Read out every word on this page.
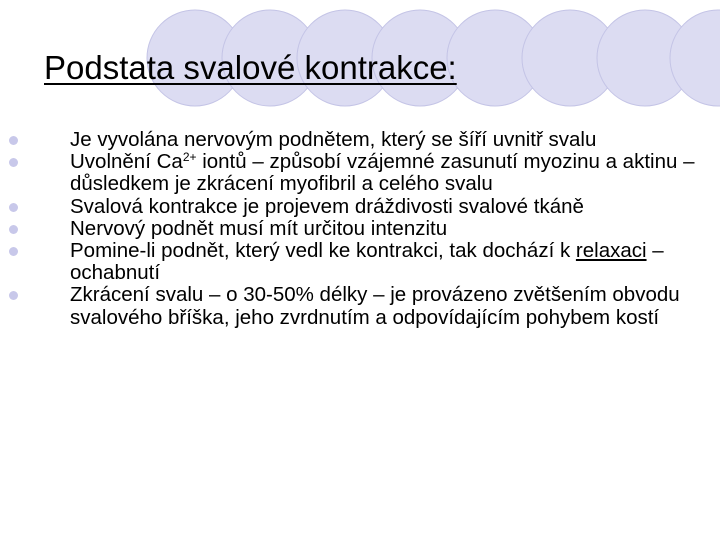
Podstata svalové kontrakce:
Je vyvolána nervovým podnětem, který se šíří uvnitř svalu
Uvolnění $Ca^{2+}$ iontů – způsobí vzájemné zasunutí myozinu a aktinu – důsledkem je zkrácení myofibril a celého svalu
Svalová kontrakce je projevem dráždivosti svalové tkáně
Nervový podnět musí mít určitou intenzitu
Pomine-li podnět, který vedl ke kontrakci, tak dochází k relaxaci – ochabnutí
Zkrácení svalu – o 30-50% délky – je provázeno zvětšením obvodu svalového bříška, jeho zvrdnutím a odpovídajícím pohybem kostí
